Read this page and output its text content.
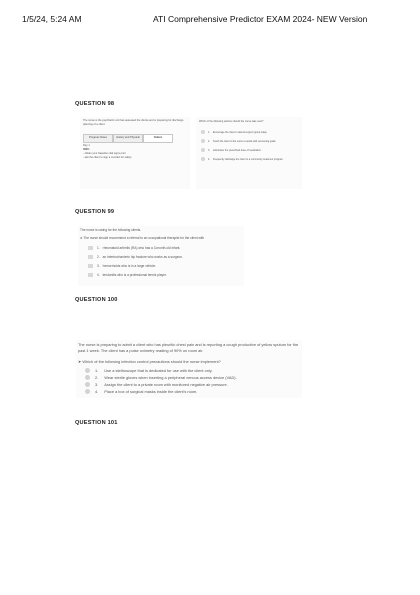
1/5/24, 5:24 AM	ATI Comprehensive Predictor EXAM 2024- NEW Version
QUESTION 98
The nurse is the psychiatric unit has assessed the clients and is preparing for discharge planning of a client.
Progress Notes	History and Physical	Orders
Day 1
0900:
- obtain your baseline vital signs prior
- ask the client to sign a contract for safety
Which of the following actions should the nurse take next?
1. Encourage the client to attend support group today.
2. Teach the client to the nurse to assist with recovering goals.
3. Administer the prescribed dose of medication.
4. Frequently discharge the client to a community treatment program.
QUESTION 99
The nurse is caring for the following clients.
➤ The nurse should recommend a referral to an occupational therapist for the client with
1. rheumatoid arthritis (RA) who has a 3-month-old infant.
2. an intertrochanteric hip fracture who works as a surgeon.
3. hemorrhoids who is in a large vehicle.
4. tendonitis who is a professional tennis player.
QUESTION 100
The nurse is preparing to admit a client who has pleuritic chest pain and is reporting a cough productive of yellow sputum for the past 1 week. The client has a pulse oximetry reading of 90% on room air.
➤ Which of the following infection control precautions should the nurse implement?
1. Use a stethoscope that is dedicated for use with the client only.
2. Wear sterile gloves when inserting a peripheral venous access device (VAD).
3. Assign the client to a private room with monitored negative air pressure.
4. Place a box of surgical masks inside the client's room.
QUESTION 101
